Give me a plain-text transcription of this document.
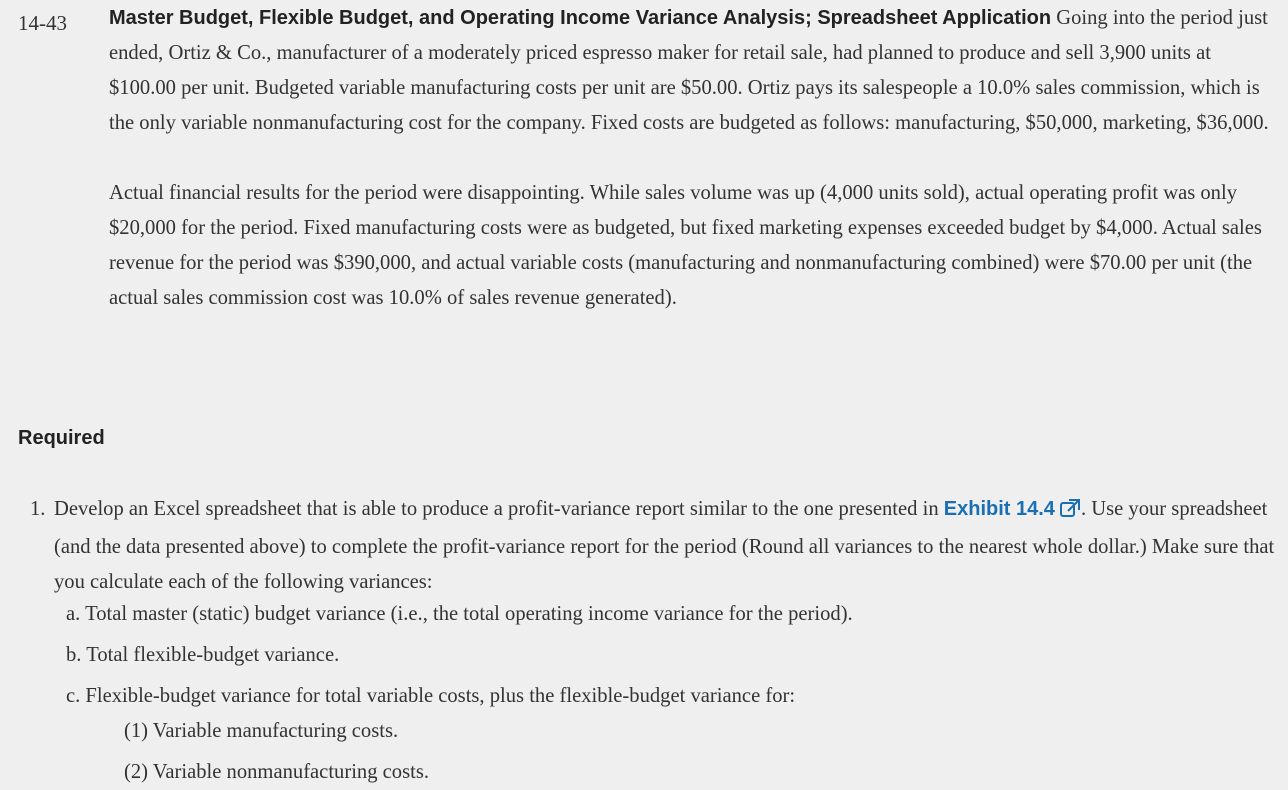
14-43 Master Budget, Flexible Budget, and Operating Income Variance Analysis; Spreadsheet Application Going into the period just ended, Ortiz & Co., manufacturer of a moderately priced espresso maker for retail sale, had planned to produce and sell 3,900 units at $100.00 per unit. Budgeted variable manufacturing costs per unit are $50.00. Ortiz pays its salespeople a 10.0% sales commission, which is the only variable nonmanufacturing cost for the company. Fixed costs are budgeted as follows: manufacturing, $50,000, marketing, $36,000.

Actual financial results for the period were disappointing. While sales volume was up (4,000 units sold), actual operating profit was only $20,000 for the period. Fixed manufacturing costs were as budgeted, but fixed marketing expenses exceeded budget by $4,000. Actual sales revenue for the period was $390,000, and actual variable costs (manufacturing and nonmanufacturing combined) were $70.00 per unit (the actual sales commission cost was 10.0% of sales revenue generated).

Required
1. Develop an Excel spreadsheet that is able to produce a profit-variance report similar to the one presented in Exhibit 14.4 . Use your spreadsheet (and the data presented above) to complete the profit-variance report for the period (Round all variances to the nearest whole dollar.) Make sure that you calculate each of the following variances:
a. Total master (static) budget variance (i.e., the total operating income variance for the period).
b. Total flexible-budget variance.
c. Flexible-budget variance for total variable costs, plus the flexible-budget variance for:
(1) Variable manufacturing costs.
(2) Variable nonmanufacturing costs.
